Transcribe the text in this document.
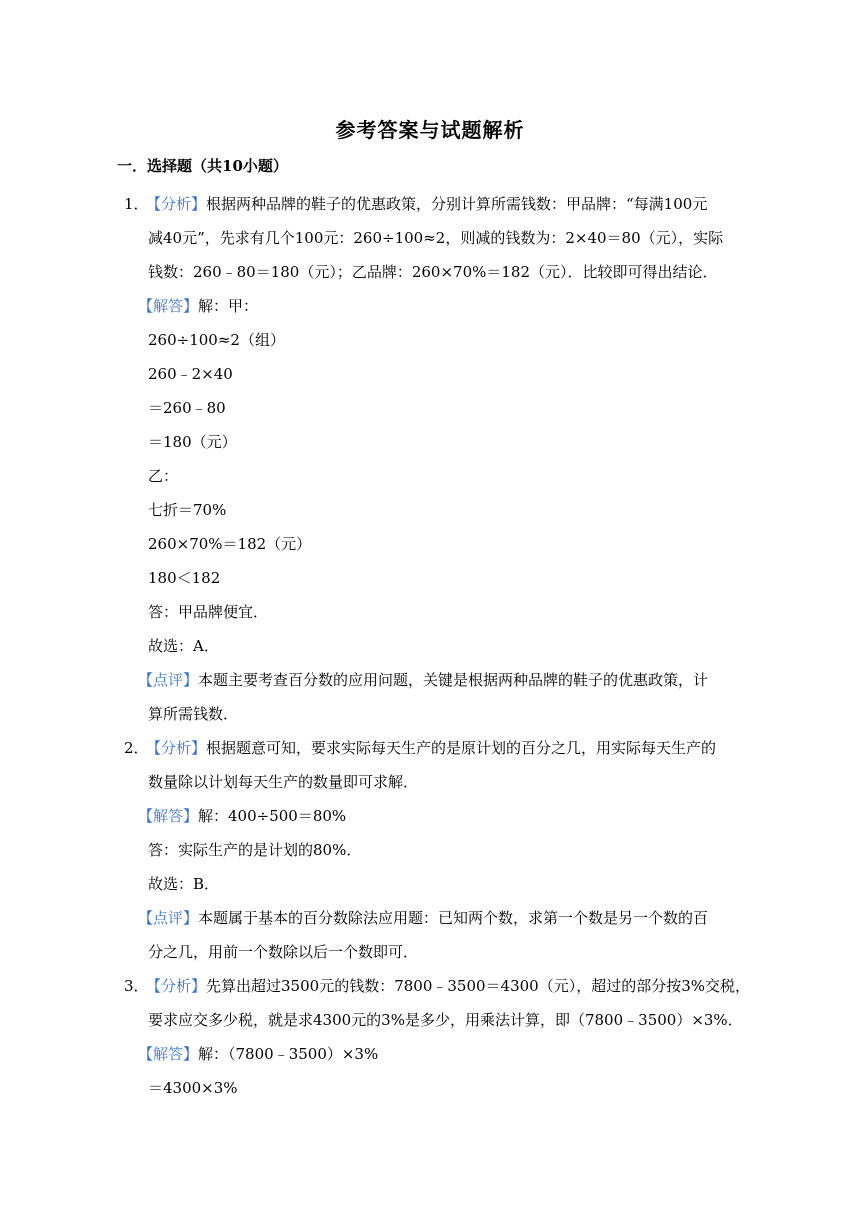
参考答案与试题解析
一．选择题（共10小题）
1．
【分析】根据两种品牌的鞋子的优惠政策，分别计算所需钱数：甲品牌：“每满100元
减40元”，先求有几个100元：260÷100≈2，则减的钱数为：2×40＝80（元），实际
钱数：260﹣80＝180（元）；乙品牌：260×70%＝182（元）．比较即可得出结论．
【解答】解：甲：
260÷100≈2（组）
260﹣2×40
＝260﹣80
＝180（元）
乙：
七折＝70%
260×70%＝182（元）
180＜182
答：甲品牌便宜．
故选：A．
【点评】本题主要考查百分数的应用问题，关键是根据两种品牌的鞋子的优惠政策，计
算所需钱数．
2．
【分析】根据题意可知，要求实际每天生产的是原计划的百分之几，用实际每天生产的
数量除以计划每天生产的数量即可求解．
【解答】解：400÷500＝80%
答：实际生产的是计划的80%．
故选：B．
【点评】本题属于基本的百分数除法应用题：已知两个数，求第一个数是另一个数的百
分之几，用前一个数除以后一个数即可．
3．
【分析】先算出超过3500元的钱数：7800﹣3500＝4300（元），超过的部分按3%交税，
要求应交多少税，就是求4300元的3%是多少，用乘法计算，即（7800﹣3500）×3%．
【解答】解：（7800﹣3500）×3%
＝4300×3%
